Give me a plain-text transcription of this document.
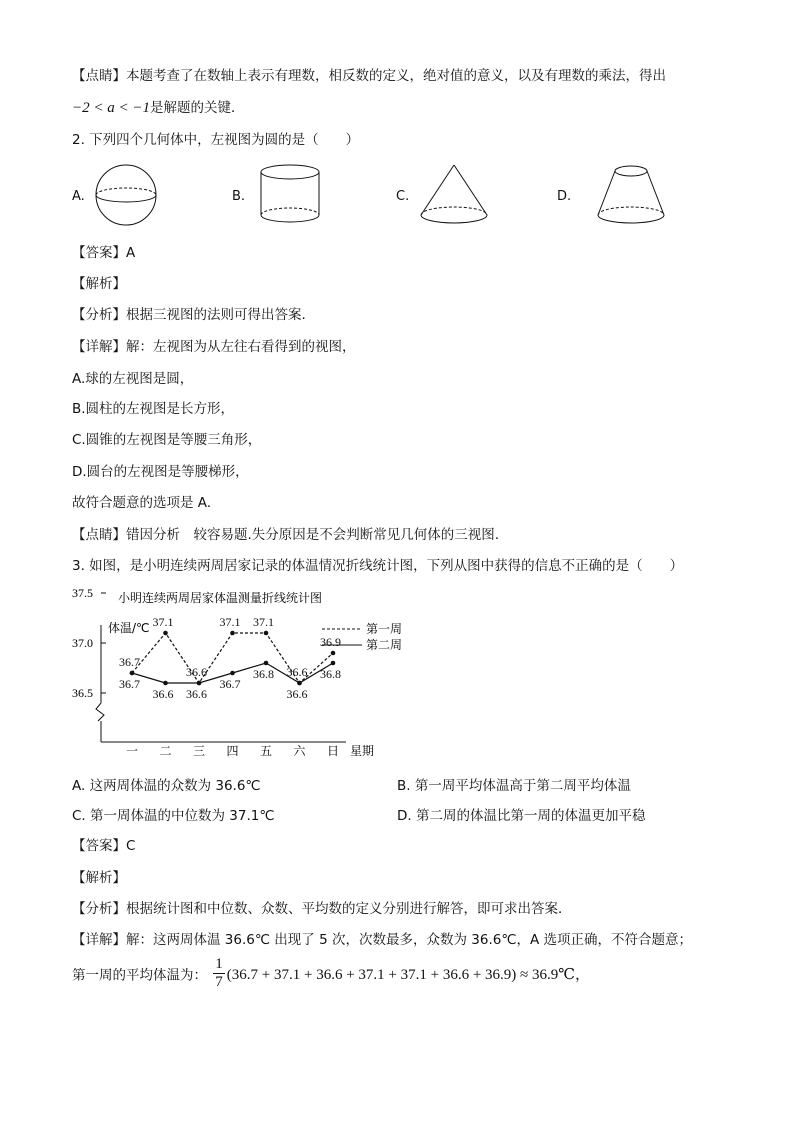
【点睛】本题考查了在数轴上表示有理数，相反数的定义，绝对值的意义，以及有理数的乘法，得出
−2 < a < −1是解题的关键．
2. 下列四个几何体中，左视图为圆的是（　　）
A.	B.	C.	D.
【答案】A
【解析】
【分析】根据三视图的法则可得出答案.
【详解】解：左视图为从左往右看得到的视图，
A.球的左视图是圆，
B.圆柱的左视图是长方形，
C.圆锥的左视图是等腰三角形，
D.圆台的左视图是等腰梯形，
故符合题意的选项是 A.
【点睛】错因分析　较容易题.失分原因是不会判断常见几何体的三视图.
3. 如图，是小明连续两周居家记录的体温情况折线统计图，下列从图中获得的信息不正确的是（　　）
小明连续两周居家体温测量折线统计图
体温/℃
星期
第一周
第二周
37.5
37.0
36.5
一 二 三 四 五 六 日
36.7
37.1
36.6
37.1 37.1
36.6
36.9
36.7
36.6 36.6
36.7
36.8
36.6
36.8
A. 这两周体温的众数为 36.6℃	B. 第一周平均体温高于第二周平均体温
C. 第一周体温的中位数为 37.1℃	D. 第二周的体温比第一周的体温更加平稳
【答案】C
【解析】
【分析】根据统计图和中位数、众数、平均数的定义分别进行解答，即可求出答案．
【详解】解：这两周体温 36.6℃ 出现了 5 次，次数最多，众数为 36.6℃，A 选项正确，不符合题意；
第一周的平均体温为： $\frac{1}{7} (36.7 + 37.1 + 36.6 + 37.1 + 37.1 + 36.6 + 36.9)$ ≈ 36.9℃，
